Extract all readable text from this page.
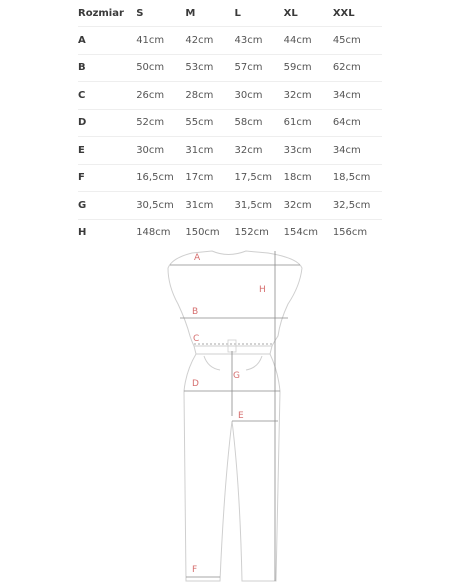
Rozmiar	S	M	L	XL	XXL
A	41cm	42cm	43cm	44cm	45cm
B	50cm	53cm	57cm	59cm	62cm
C	26cm	28cm	30cm	32cm	34cm
D	52cm	55cm	58cm	61cm	64cm
E	30cm	31cm	32cm	33cm	34cm
F	16,5cm	17cm	17,5cm	18cm	18,5cm
G	30,5cm	31cm	31,5cm	32cm	32,5cm
H	148cm	150cm	152cm	154cm	156cm
A
B
C
D
E
F
G
H
